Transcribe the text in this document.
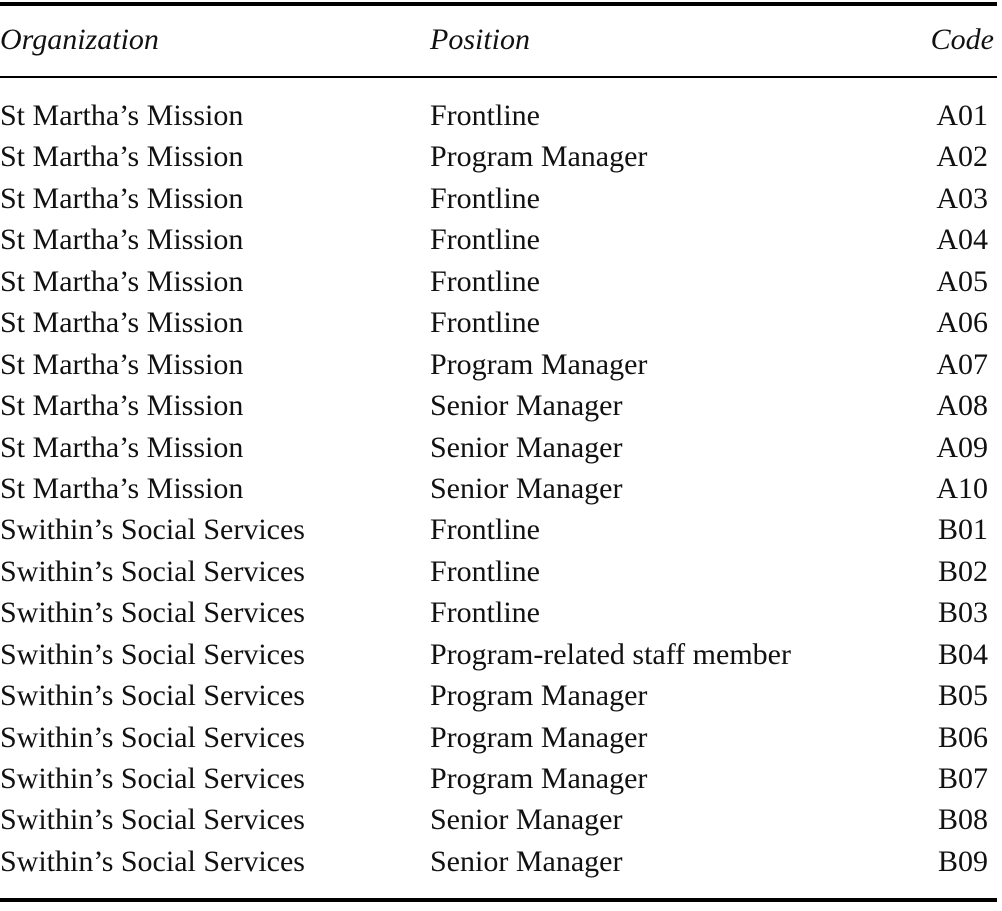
Organization	Position	Code
St Martha’s Mission	Frontline	A01
St Martha’s Mission	Program Manager	A02
St Martha’s Mission	Frontline	A03
St Martha’s Mission	Frontline	A04
St Martha’s Mission	Frontline	A05
St Martha’s Mission	Frontline	A06
St Martha’s Mission	Program Manager	A07
St Martha’s Mission	Senior Manager	A08
St Martha’s Mission	Senior Manager	A09
St Martha’s Mission	Senior Manager	A10
Swithin’s Social Services	Frontline	B01
Swithin’s Social Services	Frontline	B02
Swithin’s Social Services	Frontline	B03
Swithin’s Social Services	Program-related staff member	B04
Swithin’s Social Services	Program Manager	B05
Swithin’s Social Services	Program Manager	B06
Swithin’s Social Services	Program Manager	B07
Swithin’s Social Services	Senior Manager	B08
Swithin’s Social Services	Senior Manager	B09
